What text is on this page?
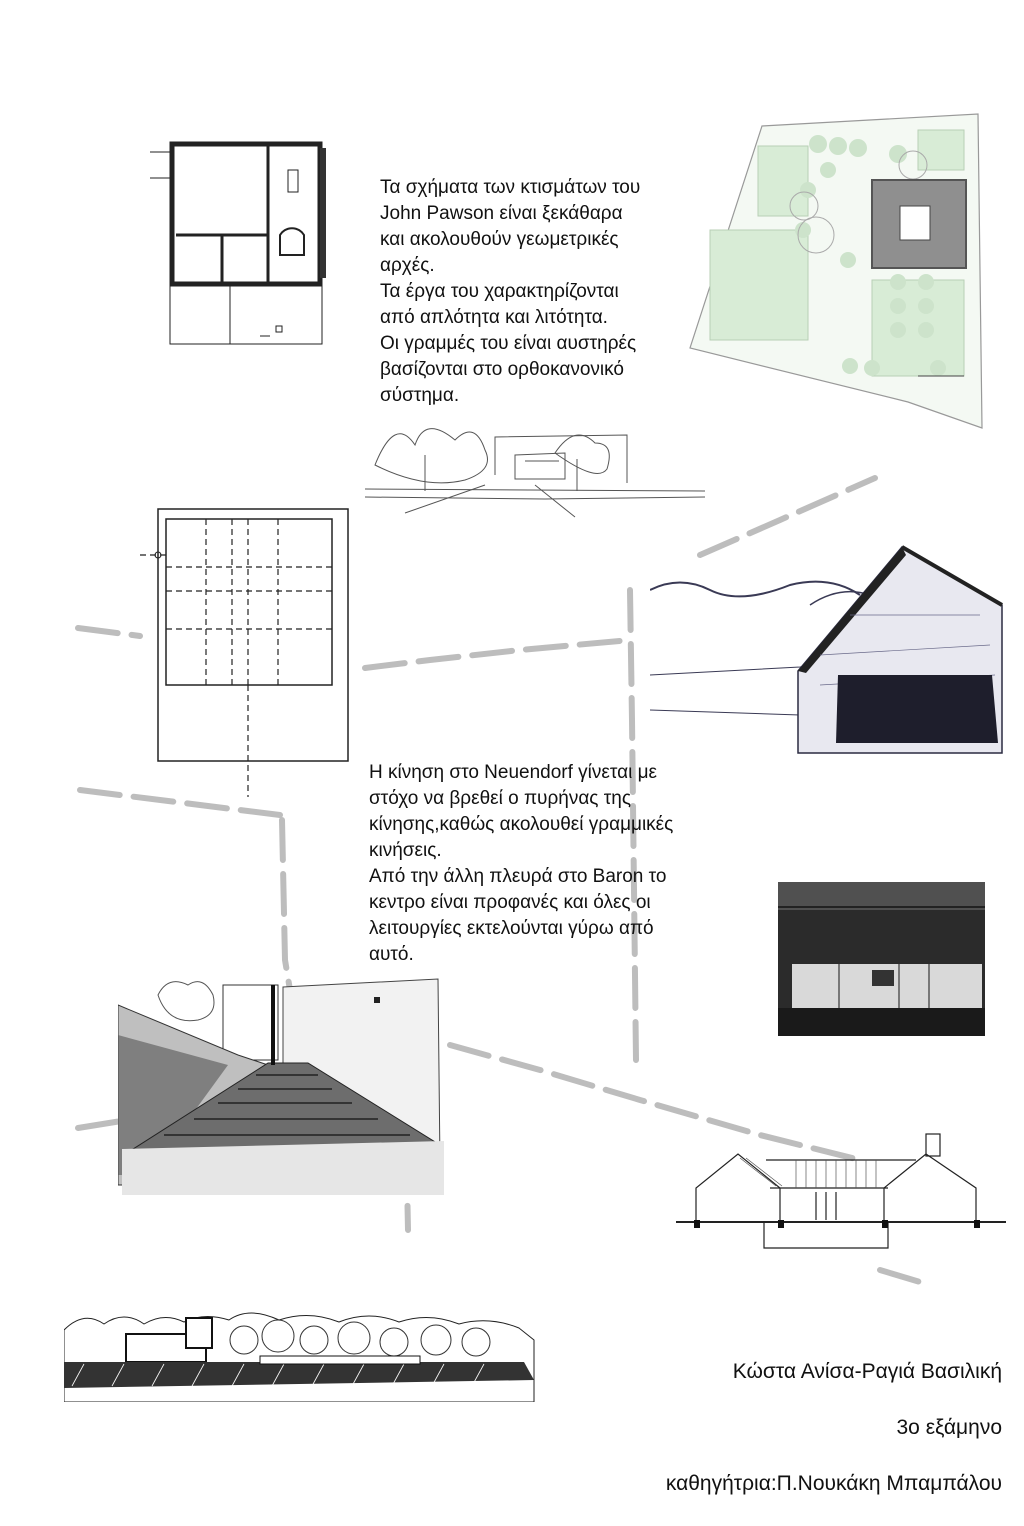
Τα σχήματα των κτισμάτων του
John Pawson είναι ξεκάθαρα
και ακολουθούν γεωμετρικές
αρχές.
Τα έργα του χαρακτηρίζονται
από απλότητα και λιτότητα.
Οι γραμμές του είναι αυστηρές
βασίζονται στο ορθοκανονικό
σύστημα.
Η κίνηση στο Neuendorf γίνεται με
στόχο να βρεθεί ο πυρήνας της
κίνησης,καθώς ακολουθεί γραμμικές
κινήσεις.
Από την άλλη πλευρά στο Baron το
κεντρο είναι προφανές και όλες οι
λειτουργίες εκτελούνται γύρω από
αυτό.

Κώστα Ανίσα-Ραγιά Βασιλική

3ο εξάμηνο

καθηγήτρια:Π.Νουκάκη Μπαμπάλου
